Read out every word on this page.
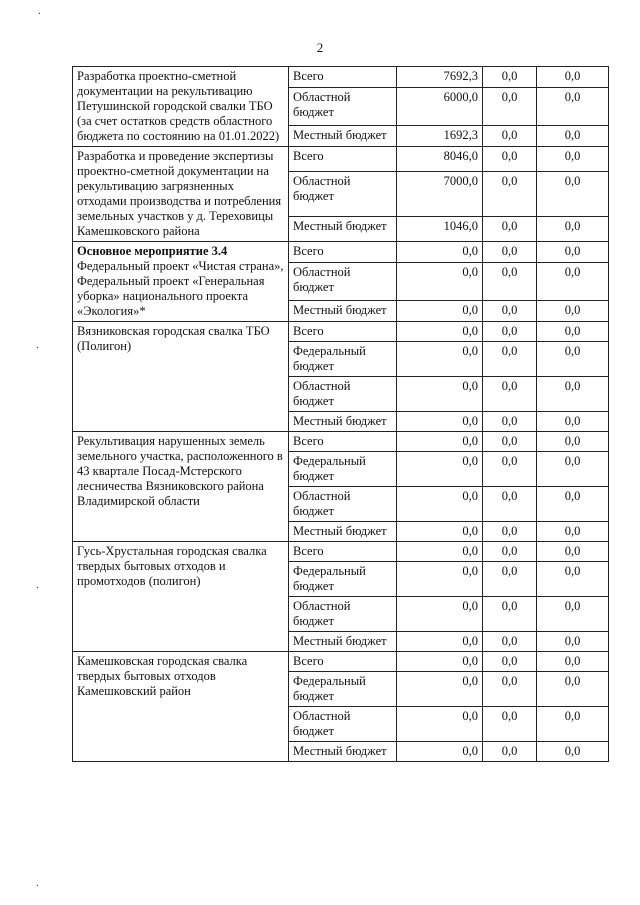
2
.
.
.
.
Разработка проектно-сметной документации на рекультивацию Петушинской городской свалки ТБО (за счет остатков средств областного бюджета по состоянию на 01.01.2022)	Всего	7692,3	0,0	0,0
	Областной бюджет	6000,0	0,0	0,0
	Местный бюджет	1692,3	0,0	0,0
Разработка и проведение экспертизы проектно-сметной документации на рекультивацию загрязненных отходами производства и потребления земельных участков у д. Тереховицы Камешковского района	Всего	8046,0	0,0	0,0
	Областной бюджет	7000,0	0,0	0,0
	Местный бюджет	1046,0	0,0	0,0

Основное мероприятие 3.4
Федеральный проект «Чистая страна», Федеральный проект «Генеральная уборка» национального проекта «Экология»*	Всего	0,0	0,0	0,0
	Областной бюджет	0,0	0,0	0,0
	Местный бюджет	0,0	0,0	0,0
Вязниковская городская свалка ТБО (Полигон)	Всего	0,0	0,0	0,0
	Федеральный бюджет	0,0	0,0	0,0
	Областной бюджет	0,0	0,0	0,0
	Местный бюджет	0,0	0,0	0,0
Рекультивация нарушенных земель земельного участка, расположенного в 43 квартале Посад-Мстерского лесничества Вязниковского района Владимирской области	Всего	0,0	0,0	0,0
	Федеральный бюджет	0,0	0,0	0,0
	Областной бюджет	0,0	0,0	0,0
	Местный бюджет	0,0	0,0	0,0
Гусь-Хрустальная городская свалка твердых бытовых отходов и промотходов (полигон)	Всего	0,0	0,0	0,0
	Федеральный бюджет	0,0	0,0	0,0
	Областной бюджет	0,0	0,0	0,0
	Местный бюджет	0,0	0,0	0,0
Камешковская городская свалка твердых бытовых отходов Камешковский район	Всего	0,0	0,0	0,0
	Федеральный бюджет	0,0	0,0	0,0
	Областной бюджет	0,0	0,0	0,0
	Местный бюджет	0,0	0,0	0,0
